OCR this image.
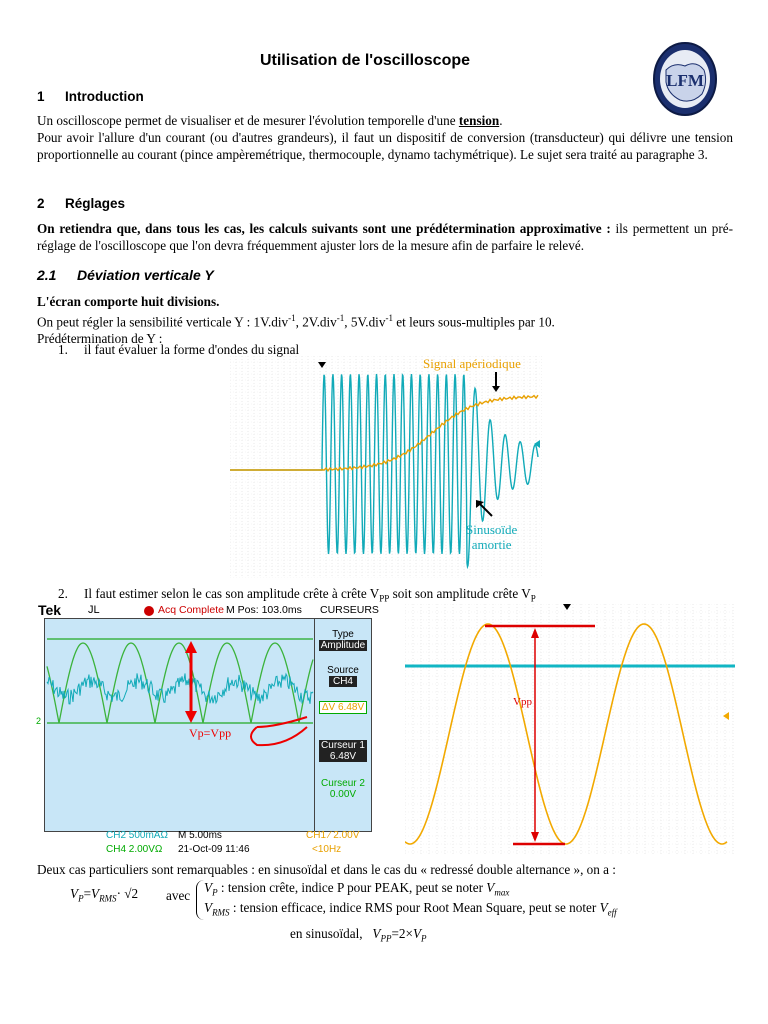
LFM
Utilisation de l'oscilloscope
1 Introduction
Un oscilloscope permet de visualiser et de mesurer l'évolution temporelle d'une tension.
Pour avoir l'allure d'un courant (ou d'autres grandeurs), il faut un dispositif de conversion (transducteur) qui délivre une tension proportionnelle au courant (pince ampèremétrique, thermocouple, dynamo tachymétrique). Le sujet sera traité au paragraphe 3.
2 Réglages
On retiendra que, dans tous les cas, les calculs suivants sont une prédétermination approximative : ils permettent un pré-réglage de l'oscilloscope que l'on devra fréquemment ajuster lors de la mesure afin de parfaire le relevé.
2.1 Déviation verticale Y
L'écran comporte huit divisions.
On peut régler la sensibilité verticale Y : 1V.div$^{-1}$, 2V.div$^{-1}$, 5V.div$^{-1}$ et leurs sous-multiples par 10.
Prédétermination de Y :
1. il faut évaluer la forme d'ondes du signal
Signal apériodique
Sinusoïde
amortie
2. Il faut estimer selon le cas son amplitude crête à crête $V_{PP}$ soit son amplitude crête $V_P$
Tek JL	Acq Complete M Pos: 103.0ms CURSEURS
Type
Amplitude
Source
CH4
ΔV 6.48V
Curseur 1
6.48V
Curseur 2
0.00V
CH2 500mAΩ
CH4 2.00VΩ
M 5.00ms
21-Oct-09 11:46
CH1 ⁄ 2.00V
<10Hz
Vp=Vpp
2
Vpp
Deux cas particuliers sont remarquables : en sinusoïdal et dans le cas du « redressé double alternance », on a :
$V_P=V_{RMS}\cdot √2$ avec
$V_P$ : tension crête, indice P pour PEAK, peut se noter $V_{max}$
$V_{RMS}$ : tension efficace, indice RMS pour Root Mean Square, peut se noter $V_{eff}$
en sinusoïdal, $V_{PP}=2\times V_P$
